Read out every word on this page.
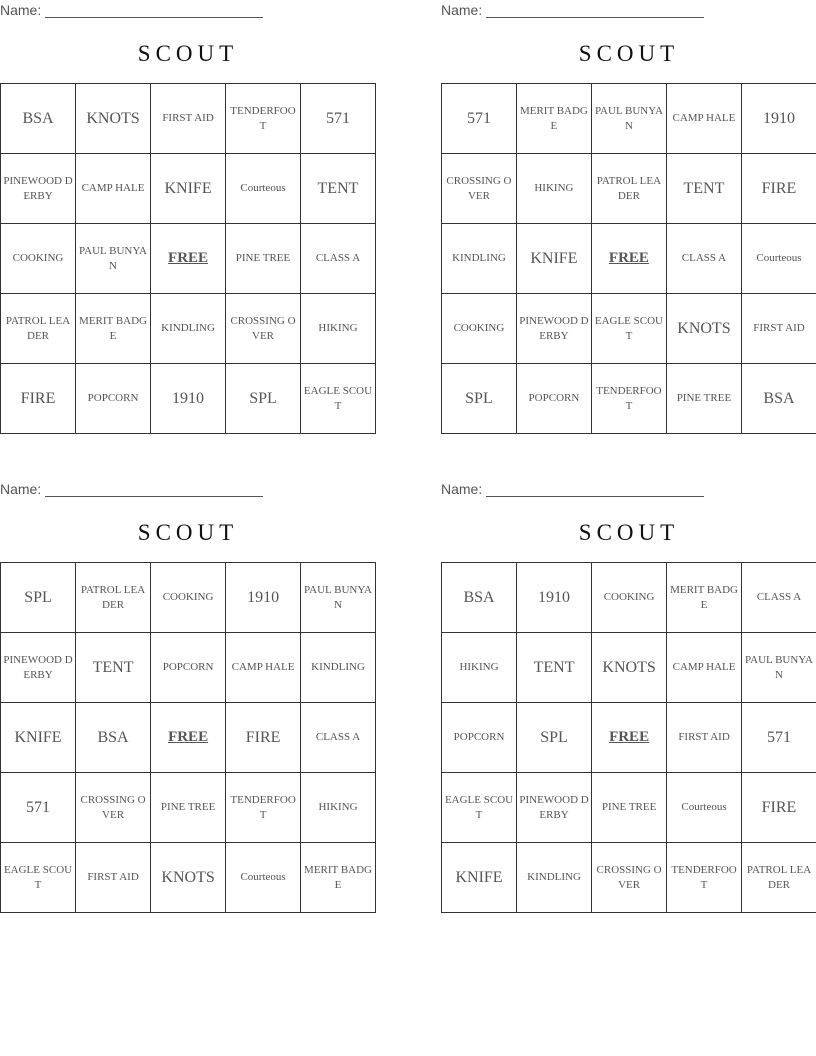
Name:
SCOUT
BSA	KNOTS	FIRST AID	TENDERFOOT	571
PINEWOOD DERBY	CAMP HALE	KNIFE	Courteous	TENT
COOKING	PAUL BUNYAN	FREE	PINE TREE	CLASS A
PATROL LEADER	MERIT BADGE	KINDLING	CROSSING OVER	HIKING
FIRE	POPCORN	1910	SPL	EAGLE SCOUT
Name:
SCOUT
571	MERIT BADGE	PAUL BUNYAN	CAMP HALE	1910
CROSSING OVER	HIKING	PATROL LEADER	TENT	FIRE
KINDLING	KNIFE	FREE	CLASS A	Courteous
COOKING	PINEWOOD DERBY	EAGLE SCOUT	KNOTS	FIRST AID
SPL	POPCORN	TENDERFOOT	PINE TREE	BSA
Name:
SCOUT
SPL	PATROL LEADER	COOKING	1910	PAUL BUNYAN
PINEWOOD DERBY	TENT	POPCORN	CAMP HALE	KINDLING
KNIFE	BSA	FREE	FIRE	CLASS A
571	CROSSING OVER	PINE TREE	TENDERFOOT	HIKING
EAGLE SCOUT	FIRST AID	KNOTS	Courteous	MERIT BADGE
Name:
SCOUT
BSA	1910	COOKING	MERIT BADGE	CLASS A
HIKING	TENT	KNOTS	CAMP HALE	PAUL BUNYAN
POPCORN	SPL	FREE	FIRST AID	571
EAGLE SCOUT	PINEWOOD DERBY	PINE TREE	Courteous	FIRE
KNIFE	KINDLING	CROSSING OVER	TENDERFOOT	PATROL LEADER
